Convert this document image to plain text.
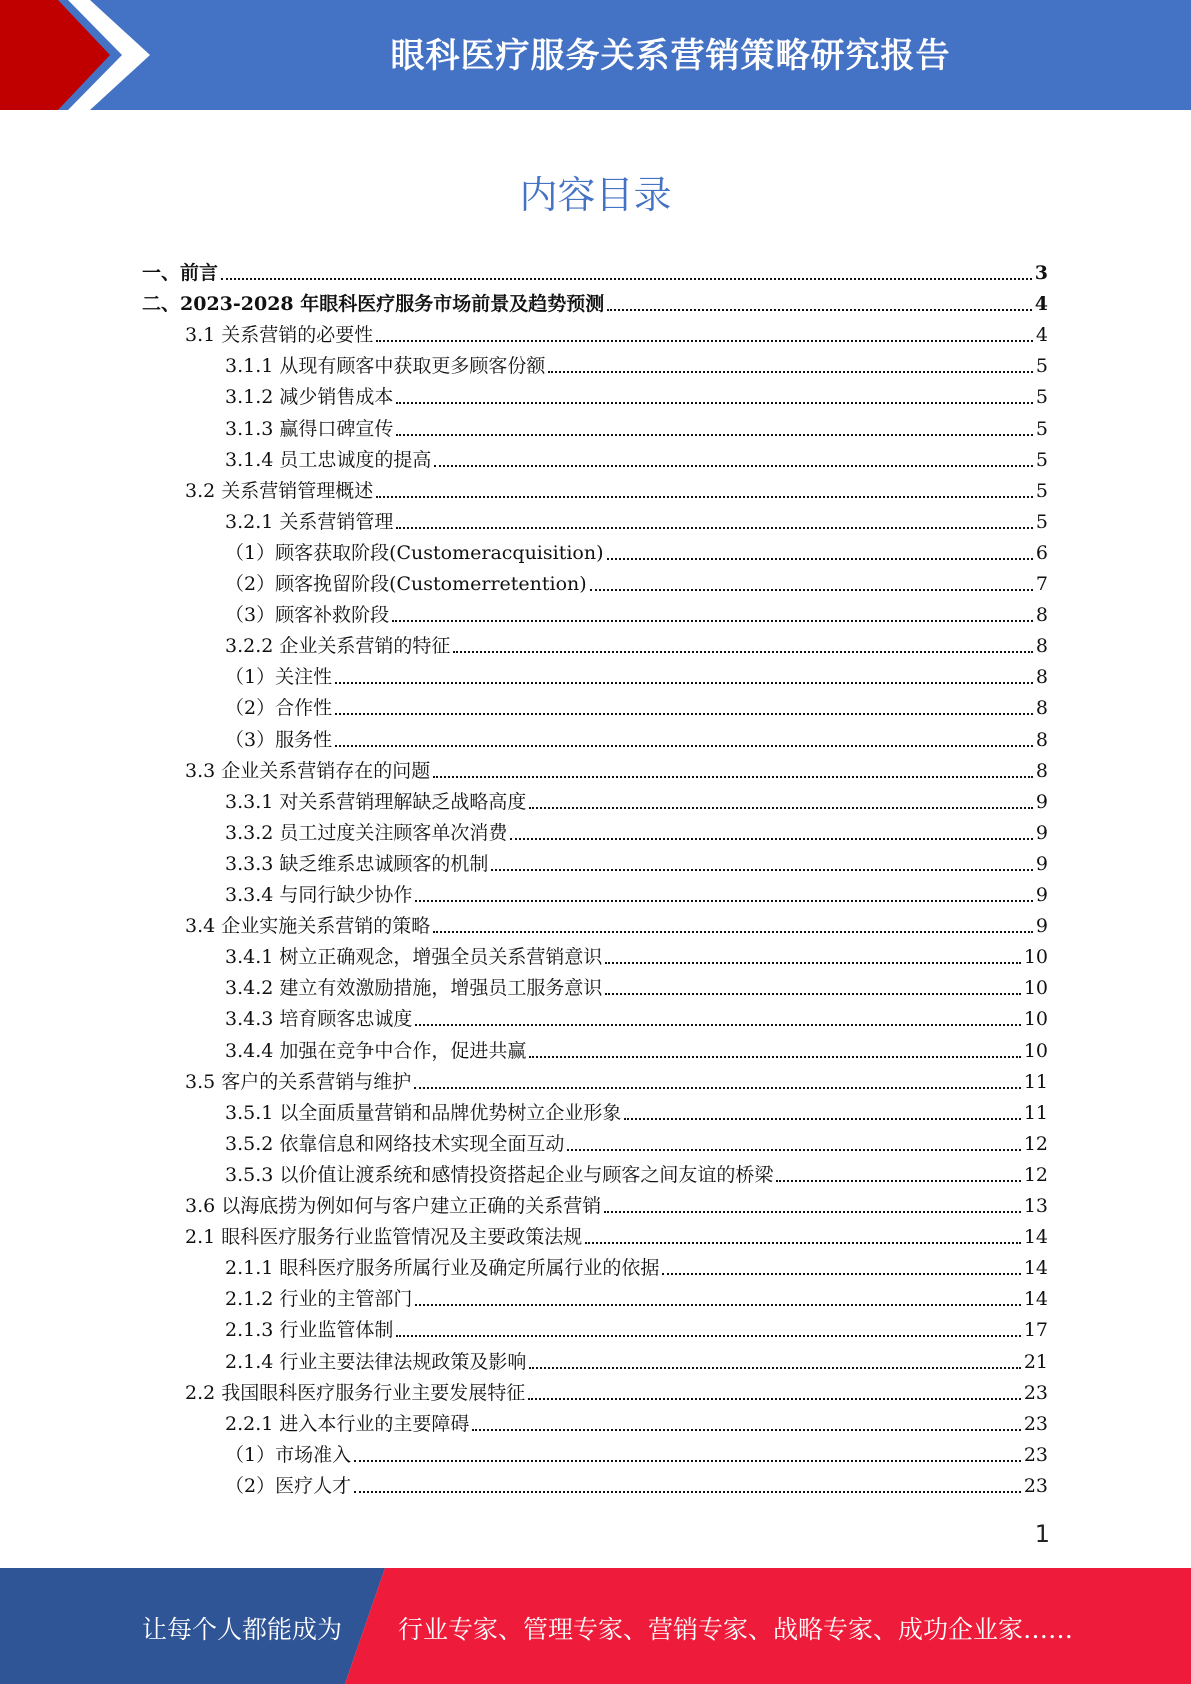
眼科医疗服务关系营销策略研究报告
内容目录
一、前言	3
二、2023-2028 年眼科医疗服务市场前景及趋势预测	4
3.1 关系营销的必要性	4
3.1.1 从现有顾客中获取更多顾客份额	5
3.1.2 减少销售成本	5
3.1.3 赢得口碑宣传	5
3.1.4 员工忠诚度的提高	5
3.2 关系营销管理概述	5
3.2.1 关系营销管理	5
（1）顾客获取阶段(Customeracquisition)	6
（2）顾客挽留阶段(Customerretention)	7
（3）顾客补救阶段	8
3.2.2 企业关系营销的特征	8
（1）关注性	8
（2）合作性	8
（3）服务性	8
3.3 企业关系营销存在的问题	8
3.3.1 对关系营销理解缺乏战略高度	9
3.3.2 员工过度关注顾客单次消费	9
3.3.3 缺乏维系忠诚顾客的机制	9
3.3.4 与同行缺少协作	9
3.4 企业实施关系营销的策略	9
3.4.1 树立正确观念，增强全员关系营销意识	10
3.4.2 建立有效激励措施，增强员工服务意识	10
3.4.3 培育顾客忠诚度	10
3.4.4 加强在竞争中合作，促进共赢	10
3.5 客户的关系营销与维护	11
3.5.1 以全面质量营销和品牌优势树立企业形象	11
3.5.2 依靠信息和网络技术实现全面互动	12
3.5.3 以价值让渡系统和感情投资搭起企业与顾客之间友谊的桥梁	12
3.6 以海底捞为例如何与客户建立正确的关系营销	13
2.1 眼科医疗服务行业监管情况及主要政策法规	14
2.1.1 眼科医疗服务所属行业及确定所属行业的依据	14
2.1.2 行业的主管部门	14
2.1.3 行业监管体制	17
2.1.4 行业主要法律法规政策及影响	21
2.2 我国眼科医疗服务行业主要发展特征	23
2.2.1 进入本行业的主要障碍	23
（1）市场准入	23
（2）医疗人才	23
1
让每个人都能成为 行业专家、管理专家、营销专家、战略专家、成功企业家……
